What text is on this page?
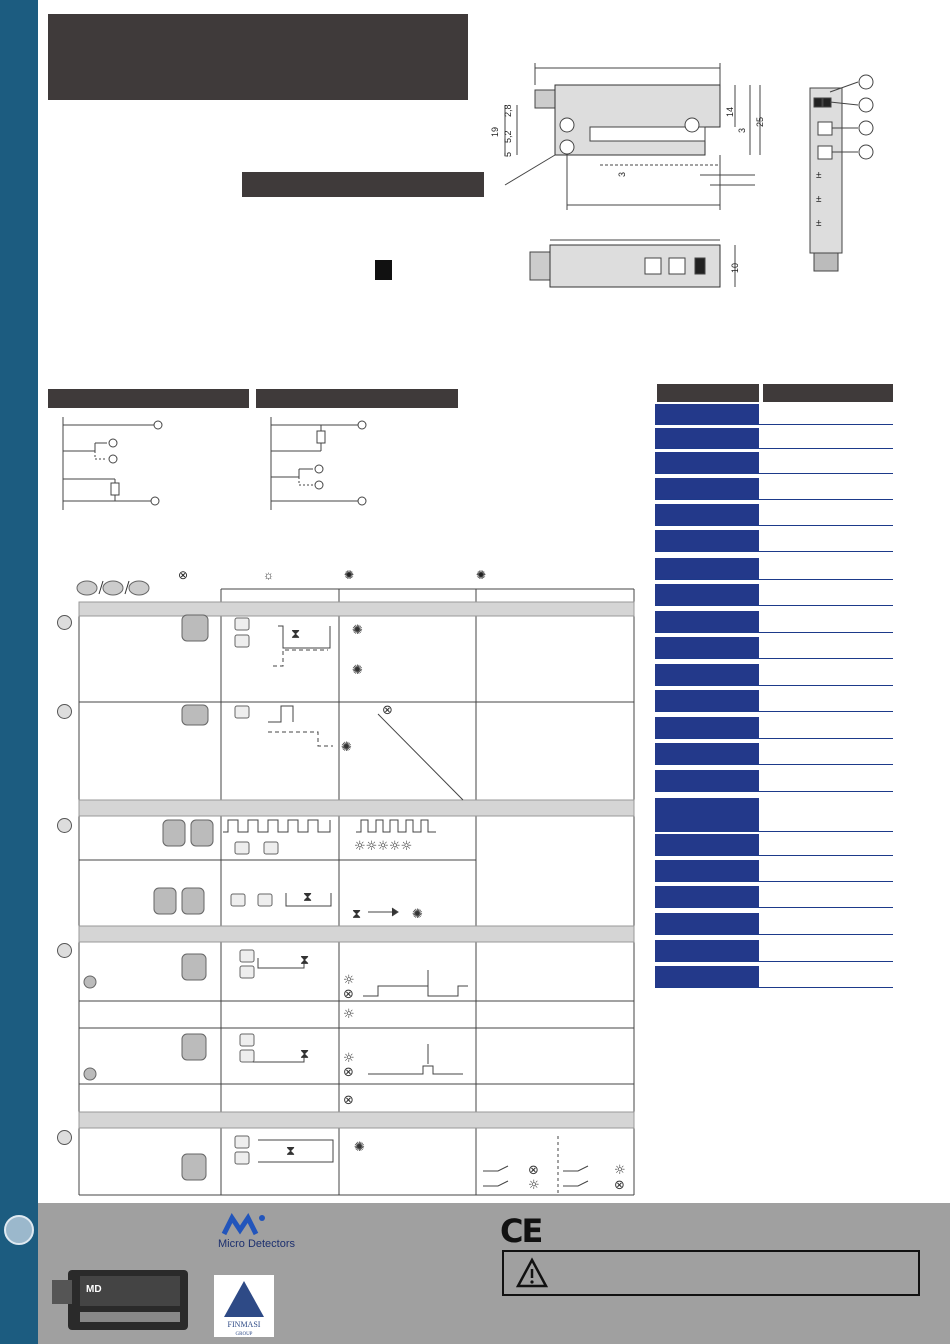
19
2,8
5,2
5
14
3
25
3
10
±
±
±
⊗	☼	✺	✺
✺
✺
⊗
✺
☼☼☼☼☼
⧗	✺
☼
⊗
☼
☼
⊗
⊗
✺
⊗
☼
☼
⊗
⧗
⧗
⧗
⧗
⧗
MD
Micro Detectors
FINMASI
GROUP
CE
